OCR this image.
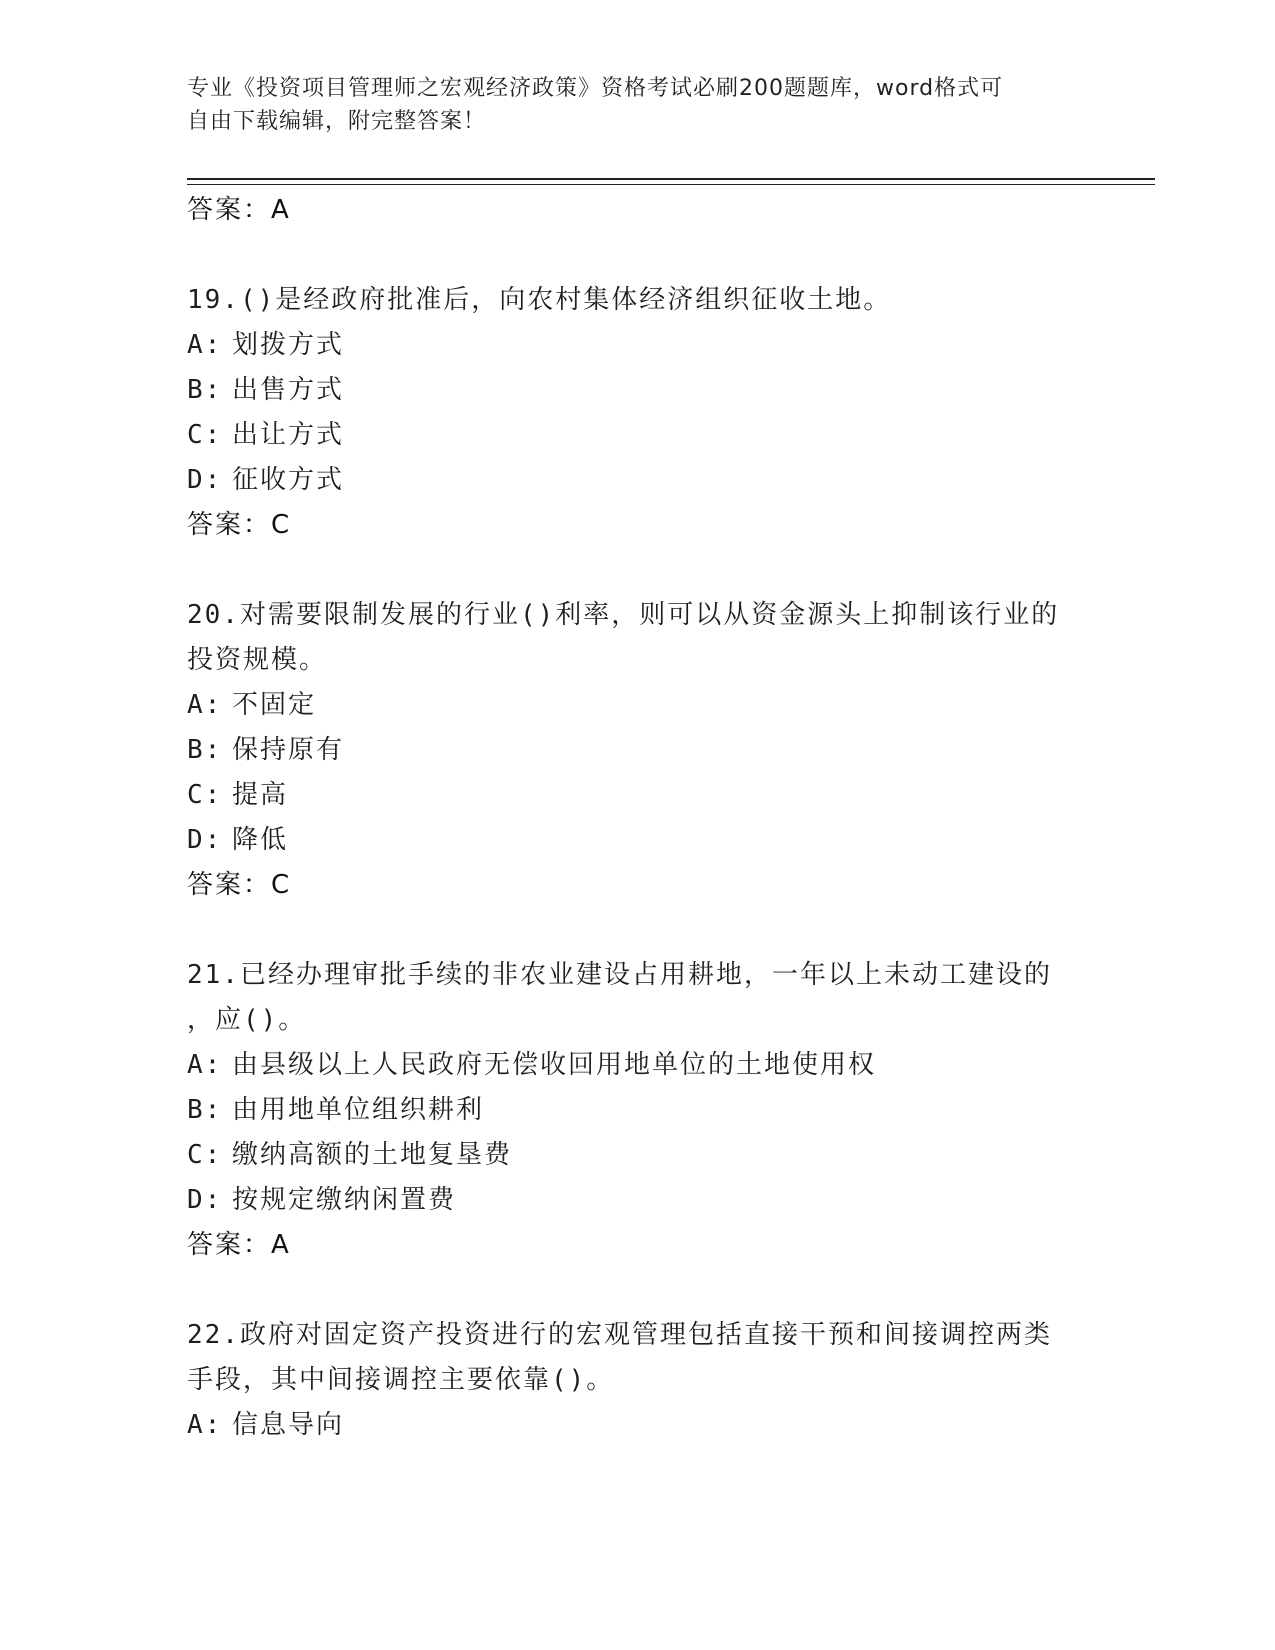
专业《投资项目管理师之宏观经济政策》资格考试必刷200题题库，word格式可
自由下载编辑，附完整答案！
答案：A
19.()是经政府批准后，向农村集体经济组织征收土地。
A: 划拨方式
B: 出售方式
C: 出让方式
D: 征收方式
答案：C
20.对需要限制发展的行业()利率，则可以从资金源头上抑制该行业的
投资规模。
A: 不固定
B: 保持原有
C: 提高
D: 降低
答案：C
21.已经办理审批手续的非农业建设占用耕地，一年以上未动工建设的
，应()。
A: 由县级以上人民政府无偿收回用地单位的土地使用权
B: 由用地单位组织耕利
C: 缴纳高额的土地复垦费
D: 按规定缴纳闲置费
答案：A
22.政府对固定资产投资进行的宏观管理包括直接干预和间接调控两类
手段，其中间接调控主要依靠()。
A: 信息导向
